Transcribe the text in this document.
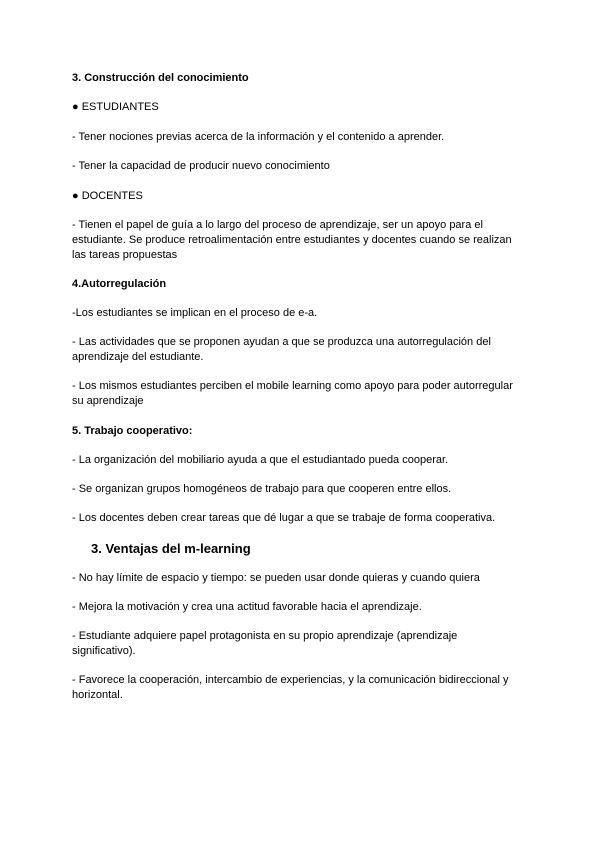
3. Construcción del conocimiento
● ESTUDIANTES
- Tener nociones previas acerca de la información y el contenido a aprender.
- Tener la capacidad de producir nuevo conocimiento
● DOCENTES
- Tienen el papel de guía a lo largo del proceso de aprendizaje, ser un apoyo para el
estudiante. Se produce retroalimentación entre estudiantes y docentes cuando se realizan
las tareas propuestas
4.Autorregulación
-Los estudiantes se implican en el proceso de e-a.
- Las actividades que se proponen ayudan a que se produzca una autorregulación del
aprendizaje del estudiante.
- Los mismos estudiantes perciben el mobile learning como apoyo para poder autorregular
su aprendizaje
5. Trabajo cooperativo:
- La organización del mobiliario ayuda a que el estudiantado pueda cooperar.
- Se organizan grupos homogéneos de trabajo para que cooperen entre ellos.
- Los docentes deben crear tareas que dé lugar a que se trabaje de forma cooperativa.
3. Ventajas del m-learning
- No hay límite de espacio y tiempo: se pueden usar donde quieras y cuando quiera
- Mejora la motivación y crea una actitud favorable hacia el aprendizaje.
- Estudiante adquiere papel protagonista en su propio aprendizaje (aprendizaje
significativo).
- Favorece la cooperación, intercambio de experiencias, y la comunicación bidireccional y
horizontal.
